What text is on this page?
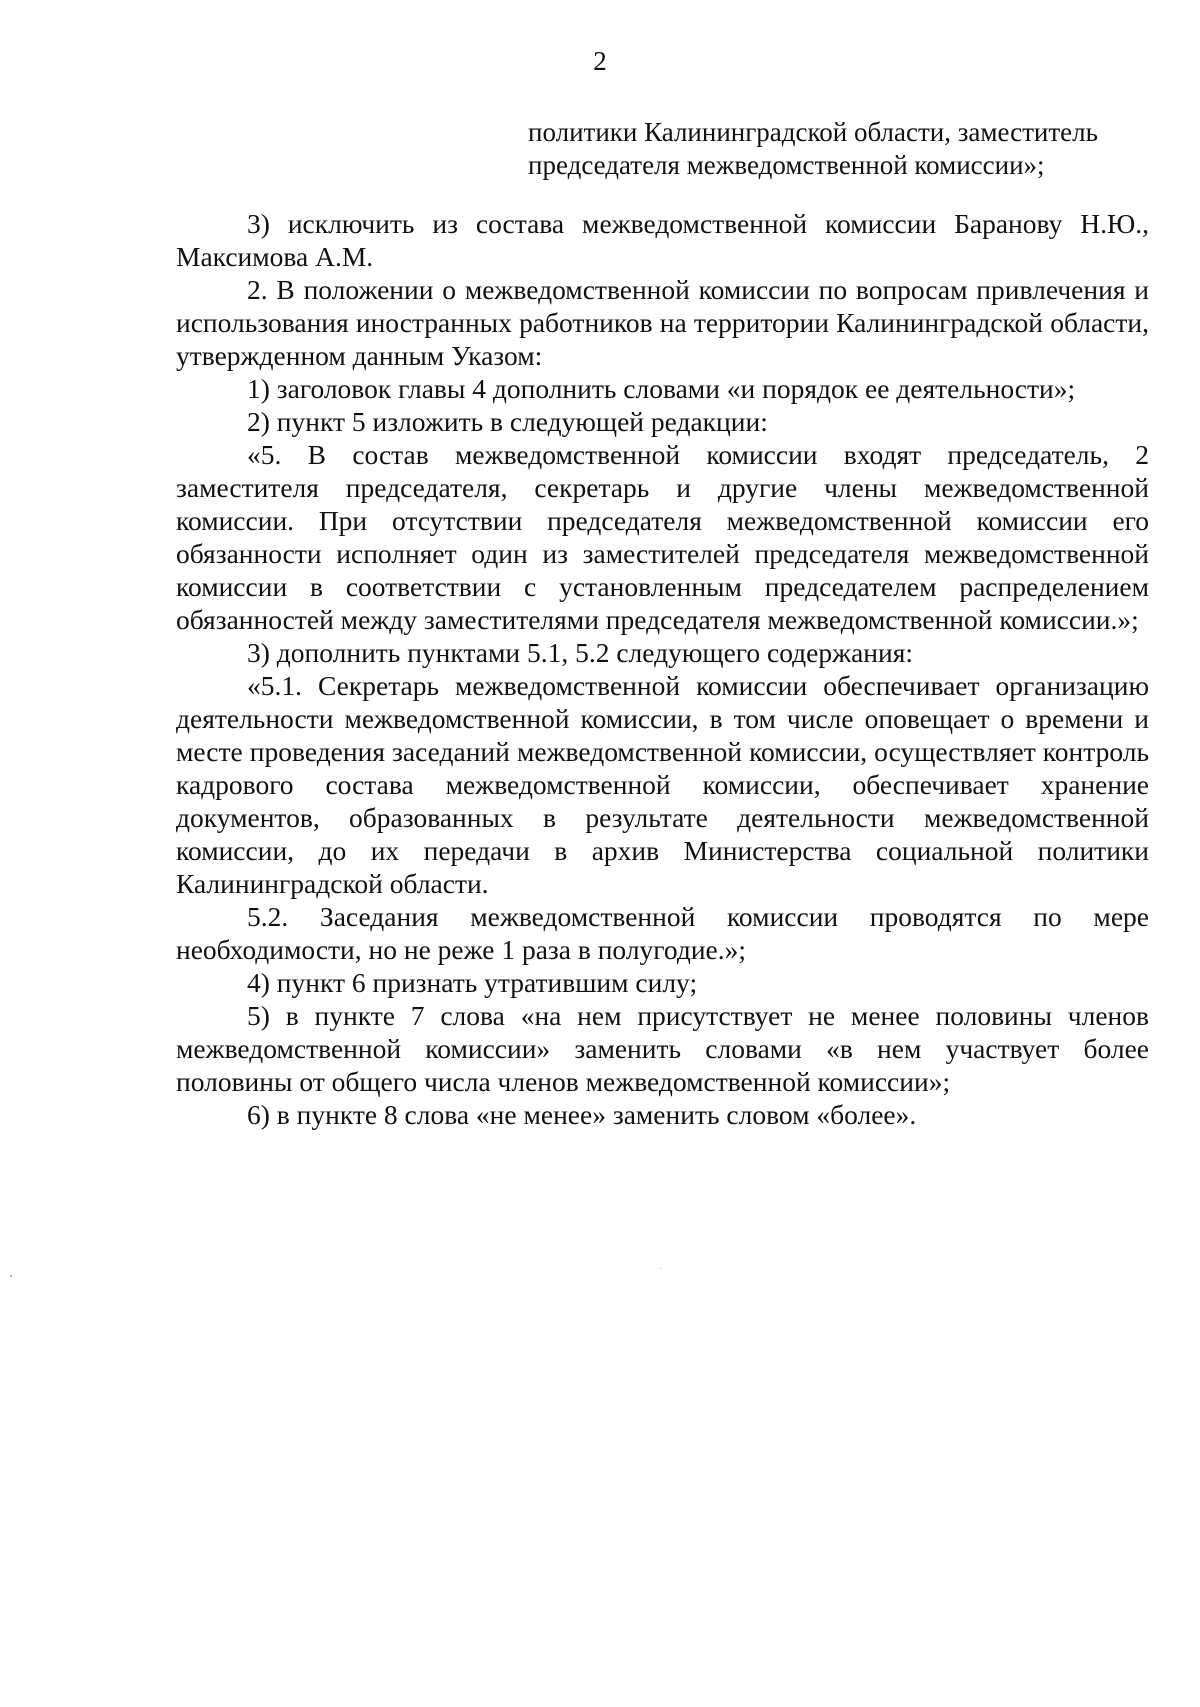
2
политики Калининградской области, заместитель
председателя межведомственной комиссии»;

3) исключить из состава межведомственной комиссии Баранову Н.Ю., Максимова А.М.

2. В положении о межведомственной комиссии по вопросам привлечения и использования иностранных работников на территории Калининградской области, утвержденном данным Указом:

1) заголовок главы 4 дополнить словами «и порядок ее деятельности»;

2) пункт 5 изложить в следующей редакции:

«5. В состав межведомственной комиссии входят председатель, 2 заместителя председателя, секретарь и другие члены межведомственной комиссии. При отсутствии председателя межведомственной комиссии его обязанности исполняет один из заместителей председателя межведомственной комиссии в соответствии с установленным председателем распределением обязанностей между заместителями председателя межведомственной комиссии.»;

3) дополнить пунктами 5.1, 5.2 следующего содержания:

«5.1. Секретарь межведомственной комиссии обеспечивает организацию деятельности межведомственной комиссии, в том числе оповещает о времени и месте проведения заседаний межведомственной комиссии, осуществляет контроль кадрового состава межведомственной комиссии, обеспечивает хранение документов, образованных в результате деятельности межведомственной комиссии, до их передачи в архив Министерства социальной политики Калининградской области.

5.2. Заседания межведомственной комиссии проводятся по мере необходимости, но не реже 1 раза в полугодие.»;

4) пункт 6 признать утратившим силу;

5) в пункте 7 слова «на нем присутствует не менее половины членов межведомственной комиссии» заменить словами «в нем участвует более половины от общего числа членов межведомственной комиссии»;

6) в пункте 8 слова «не менее» заменить словом «более».
